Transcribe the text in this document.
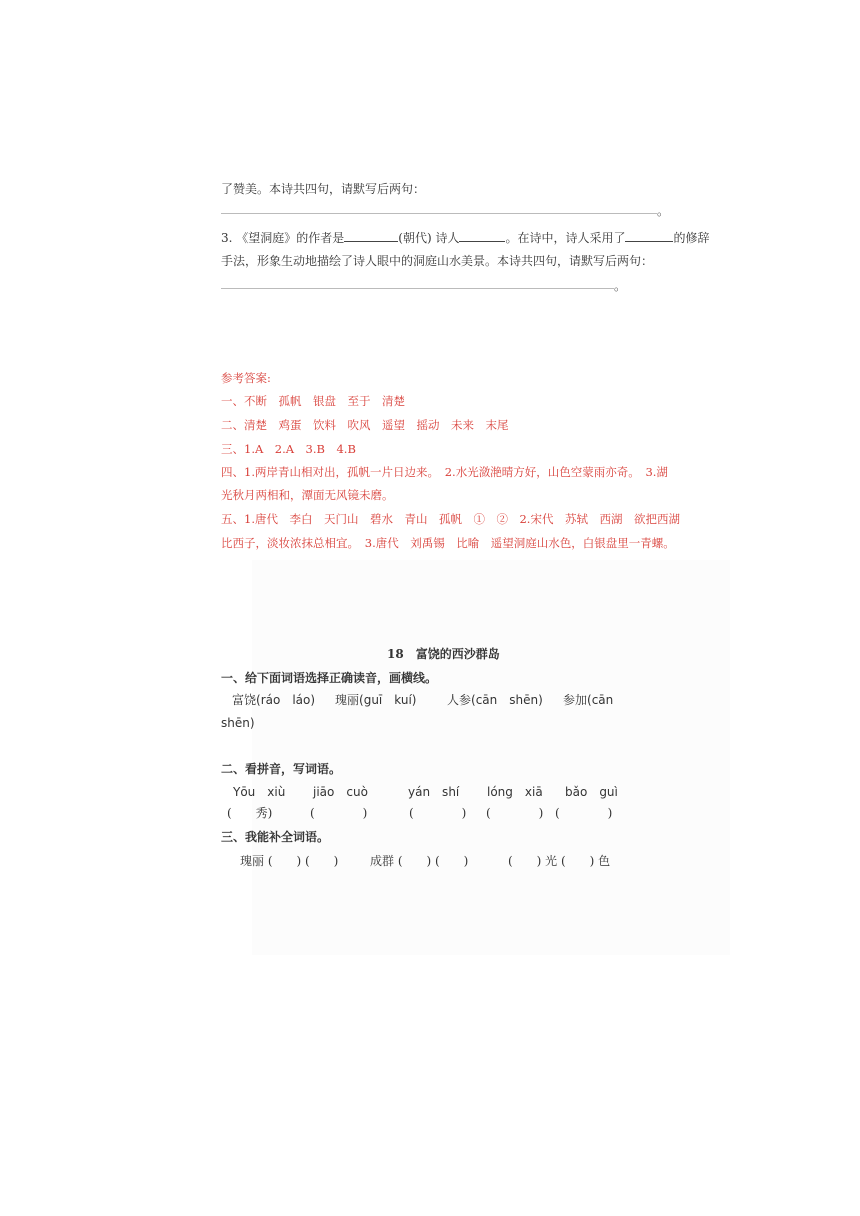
了赞美。本诗共四句，请默写后两句：
。
3. 《望洞庭》的作者是	(朝代) 诗人	。在诗中，诗人采用了	的修辞
手法，形象生动地描绘了诗人眼中的洞庭山水美景。本诗共四句，请默写后两句：
。
参考答案:
一、不断　孤帆　银盘　至于　清楚
二、清楚　鸡蛋　饮料　吹风　遥望　摇动　未来　末尾
三、1.A　2.A　3.B　4.B
四、1.两岸青山相对出，孤帆一片日边来。　2.水光潋滟晴方好，山色空蒙雨亦奇。　3.湖
光秋月两相和，潭面无风镜未磨。
五、1.唐代　李白　天门山　碧水　青山　孤帆　①　②　2.宋代　苏轼　西湖　欲把西湖
比西子，淡妆浓抹总相宜。　3.唐代　刘禹锡　比喻　遥望洞庭山水色，白银盘里一青螺。
18　富饶的西沙群岛
一、给下面词语选择正确读音，画横线。
富饶(ráo　láo) 瑰丽(guī　kuí)	人参(cān　shēn) 参加(cān
shēn)
二、看拼音，写词语。
Yōu　xiù jiāo　cuò	yán　shí lóng　xiā bǎo　guì
(　　秀)	(　　　　)	(　　　　) (　　　　) (　　　　)
三、我能补全词语。
瑰丽 (　　) (　　)	成群 (　　) (　　)	(　　) 光 (　　) 色
